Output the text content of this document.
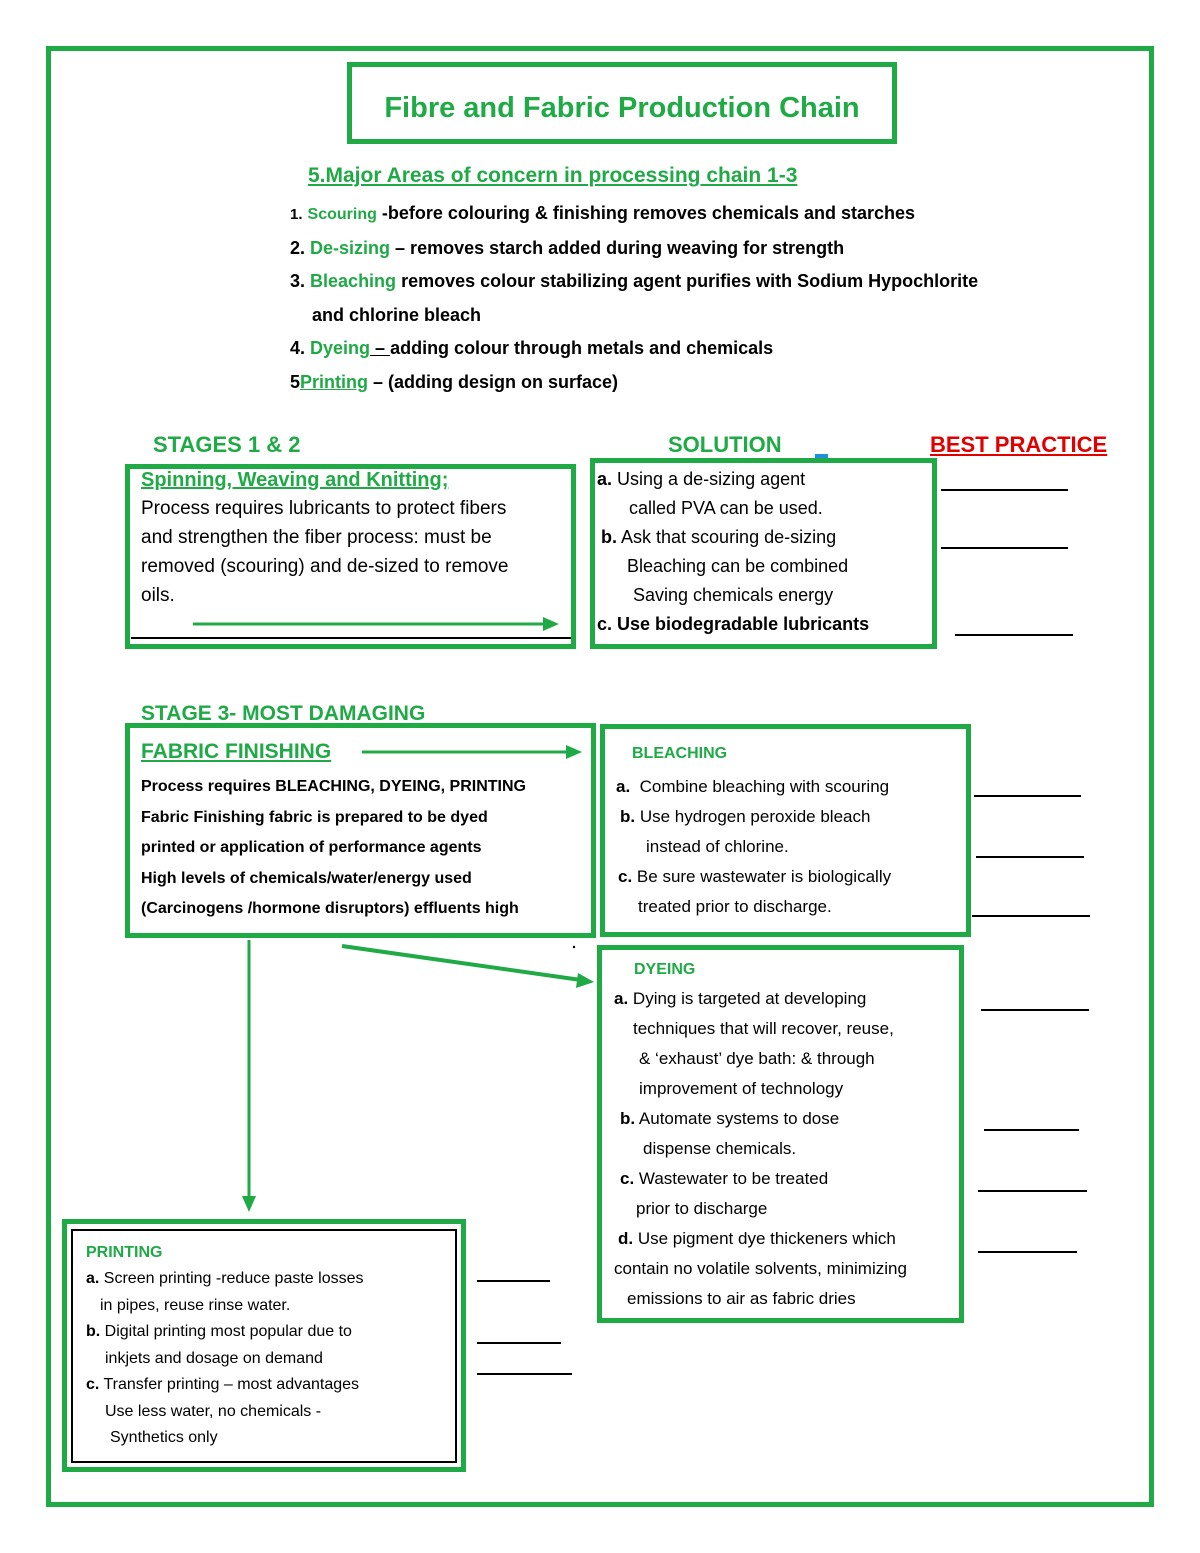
Fibre and Fabric Production Chain
5.Major Areas of concern in processing chain 1-3
1. Scouring -before colouring & finishing removes chemicals and starches
2. De-sizing – removes starch added during weaving for strength
3. Bleaching removes colour stabilizing agent purifies with Sodium Hypochlorite
and chlorine bleach
4. Dyeing – adding colour through metals and chemicals
5Printing – (adding design on surface)
STAGES 1 & 2	SOLUTION	BEST PRACTICE
Spinning, Weaving and Knitting;
Process requires lubricants to protect fibers
and strengthen the fiber process: must be
removed (scouring) and de-sized to remove
oils.
a. Using a de-sizing agent
called PVA can be used.
b. Ask that scouring de-sizing
Bleaching can be combined
Saving chemicals energy
c. Use biodegradable lubricants
STAGE 3- MOST DAMAGING
FABRIC FINISHING
Process requires BLEACHING, DYEING, PRINTING
Fabric Finishing fabric is prepared to be dyed
printed or application of performance agents
High levels of chemicals/water/energy used
(Carcinogens /hormone disruptors) effluents high
BLEACHING
a. Combine bleaching with scouring
b. Use hydrogen peroxide bleach
instead of chlorine.
c. Be sure wastewater is biologically
treated prior to discharge.
DYEING
a. Dying is targeted at developing
techniques that will recover, reuse,
& ‘exhaust’ dye bath: & through
improvement of technology
b. Automate systems to dose
dispense chemicals.
c. Wastewater to be treated
prior to discharge
d. Use pigment dye thickeners which
contain no volatile solvents, minimizing
emissions to air as fabric dries
PRINTING
a. Screen printing -reduce paste losses
in pipes, reuse rinse water.
b. Digital printing most popular due to
inkjets and dosage on demand
c. Transfer printing – most advantages
Use less water, no chemicals -
Synthetics only
